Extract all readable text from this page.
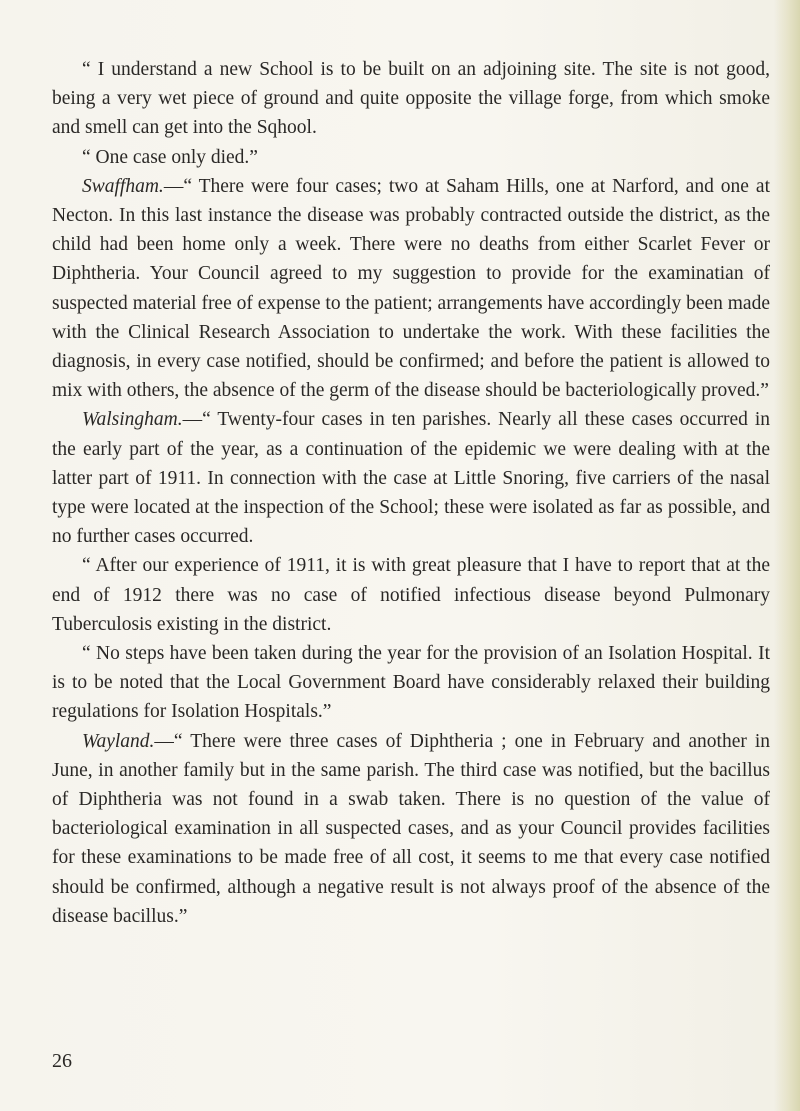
“ I understand a new School is to be built on an adjoining site. The site is not good, being a very wet piece of ground and quite opposite the village forge, from which smoke and smell can get into the Sqhool.

“ One case only died.”

Swaffham.—“ There were four cases; two at Saham Hills, one at Narford, and one at Necton. In this last instance the disease was probably contracted outside the district, as the child had been home only a week. There were no deaths from either Scarlet Fever or Diphtheria. Your Council agreed to my suggestion to provide for the examinatian of suspected material free of expense to the patient; arrangements have accordingly been made with the Clinical Research Association to undertake the work. With these facilities the diagnosis, in every case notified, should be confirmed; and before the patient is allowed to mix with others, the absence of the germ of the disease should be bacteriologically proved.”

Walsingham.—“ Twenty-four cases in ten parishes. Nearly all these cases occurred in the early part of the year, as a continuation of the epidemic we were dealing with at the latter part of 1911. In connection with the case at Little Snoring, five carriers of the nasal type were located at the inspection of the School; these were isolated as far as possible, and no further cases occurred.

“ After our experience of 1911, it is with great pleasure that I have to report that at the end of 1912 there was no case of notified infectious disease beyond Pulmonary Tuberculosis existing in the district.

“ No steps have been taken during the year for the provision of an Isolation Hospital. It is to be noted that the Local Government Board have considerably relaxed their building regulations for Isolation Hospitals.”

Wayland.—“ There were three cases of Diphtheria ; one in February and another in June, in another family but in the same parish. The third case was notified, but the bacillus of Diphtheria was not found in a swab taken. There is no question of the value of bacteriological examination in all suspected cases, and as your Council provides facilities for these examinations to be made free of all cost, it seems to me that every case notified should be confirmed, although a negative result is not always proof of the absence of the disease bacillus.”

26
